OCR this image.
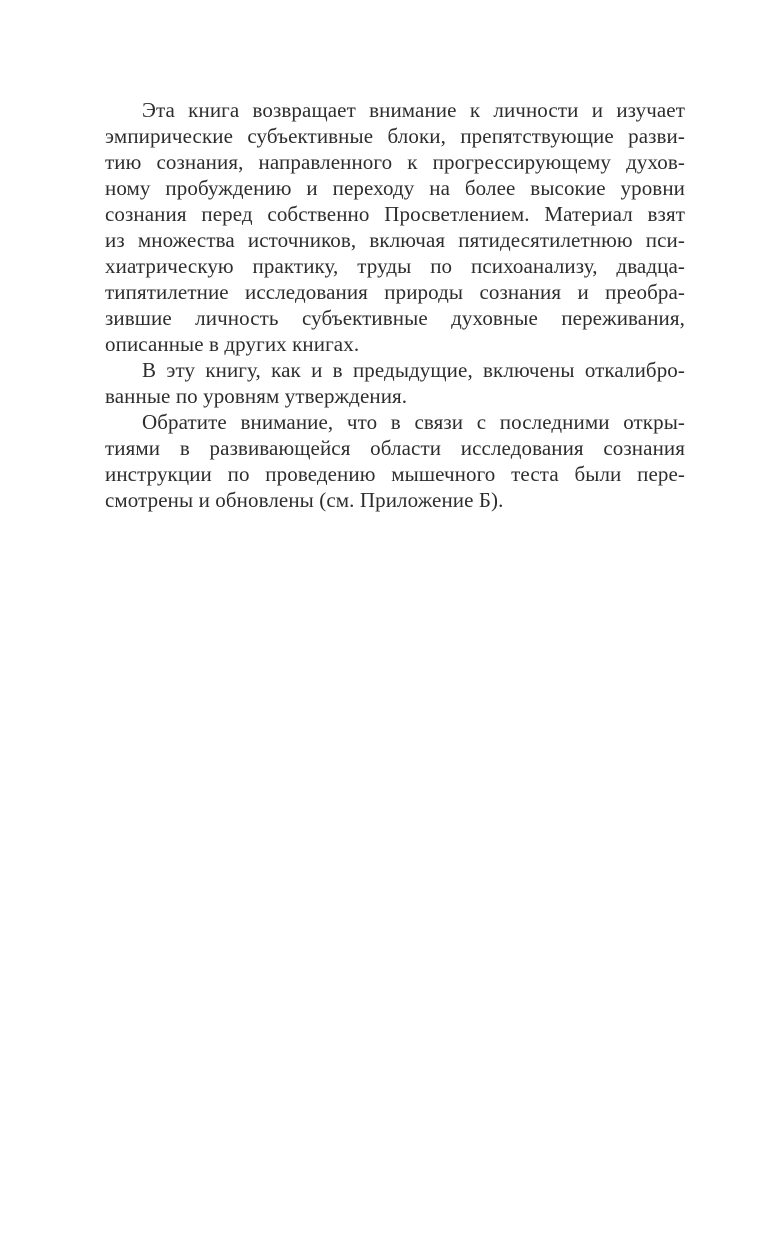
Эта книга возвращает внимание к личности и изучает
эмпирические субъективные блоки, препятствующие разви-
тию сознания, направленного к прогрессирующему духов-
ному пробуждению и переходу на более высокие уровни
сознания перед собственно Просветлением. Материал взят
из множества источников, включая пятидесятилетнюю пси-
хиатрическую практику, труды по психоанализу, двадца-
типятилетние исследования природы сознания и преобра-
зившие личность субъективные духовные переживания,
описанные в других книгах.
В эту книгу, как и в предыдущие, включены откалибро-
ванные по уровням утверждения.
Обратите внимание, что в связи с последними откры-
тиями в развивающейся области исследования сознания
инструкции по проведению мышечного теста были пере-
смотрены и обновлены (см. Приложение Б).
